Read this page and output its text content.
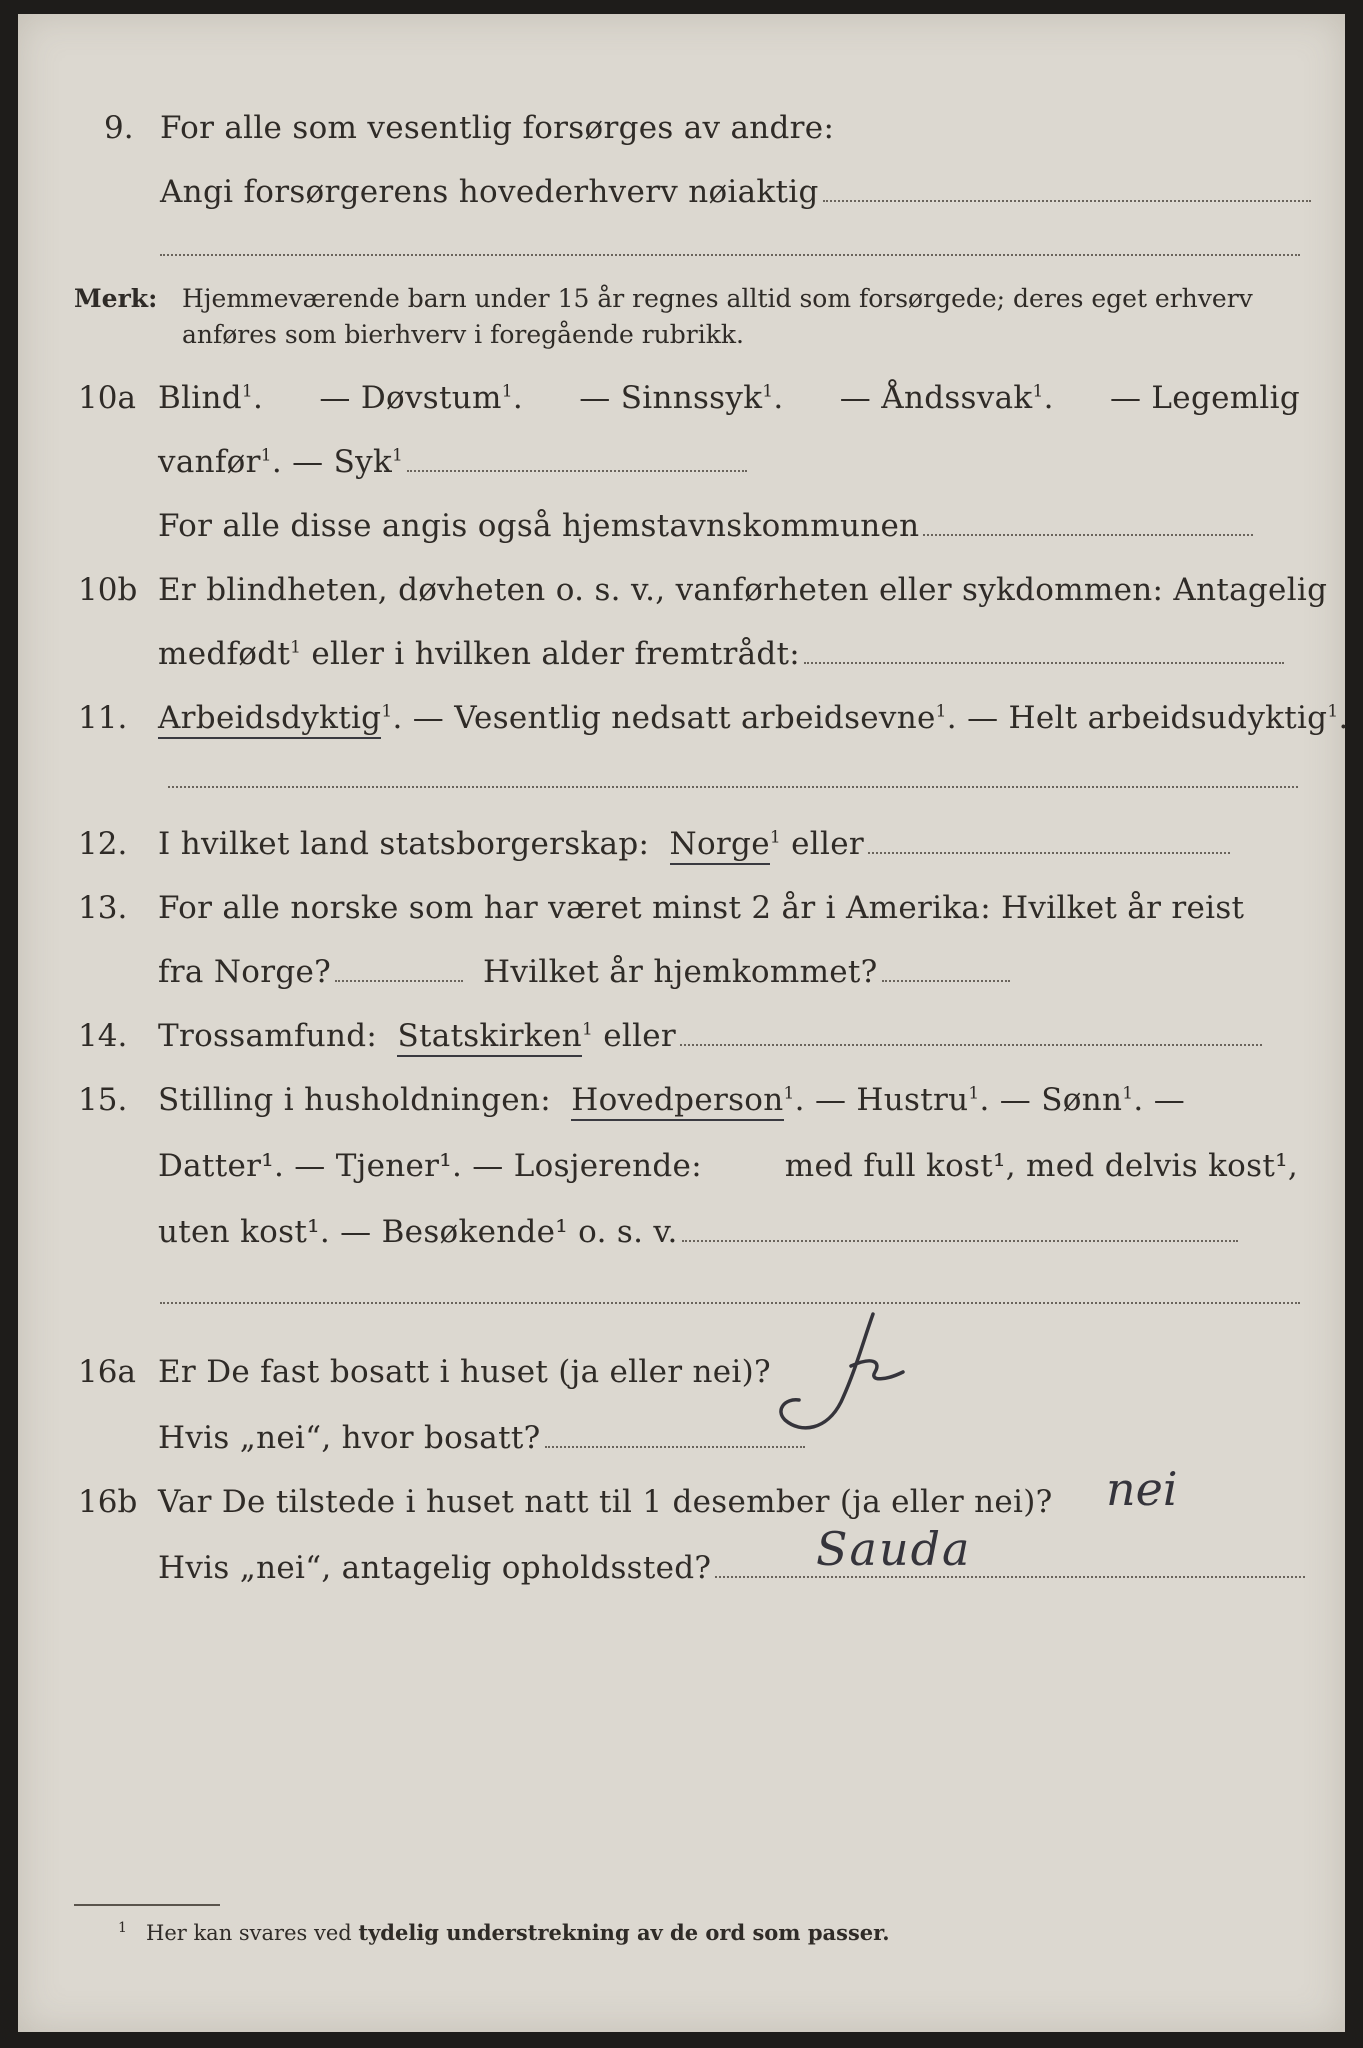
9. For alle som vesentlig forsørges av andre:
Angi forsørgerens hovederhverv nøiaktig
Merk: Hjemmeværende barn under 15 år regnes alltid som forsørgede; deres eget erhverv
anføres som bierhverv i foregående rubrikk.
10a Blind$^1$. — Døvstum$^1$. — Sinnssyk$^1$. — Åndssvak$^1$. — Legemlig
vanfør$^1$. — Syk$^1$
For alle disse angis også hjemstavnskommunen
10b Er blindheten, døvheten o. s. v., vanførheten eller sykdommen: Antagelig
medfødt$^1$ eller i hvilken alder fremtrådt:
11. Arbeidsdyktig$^1$. — Vesentlig nedsatt arbeidsevne$^1$. — Helt arbeidsudyktig$^1$.
12. I hvilket land statsborgerskap: Norge$^1$ eller
13. For alle norske som har været minst 2 år i Amerika: Hvilket år reist
fra Norge?	Hvilket år hjemkommet?
14. Trossamfund: Statskirken$^1$ eller
15. Stilling i husholdningen: Hovedperson$^1$. — Hustru$^1$. — Sønn$^1$. —
Datter¹. — Tjener¹. — Losjerende:	med full kost¹, med delvis kost¹,
uten kost¹. — Besøkende¹ o. s. v.
16a Er De fast bosatt i huset (ja eller nei)?
Hvis „nei“, hvor bosatt?	Ja
16b Var De tilstede i huset natt til 1 desember (ja eller nei)?
Hvis „nei“, antagelig opholdssted?
nei
Sauda
1 Her kan svares ved tydelig understrekning av de ord som passer.
